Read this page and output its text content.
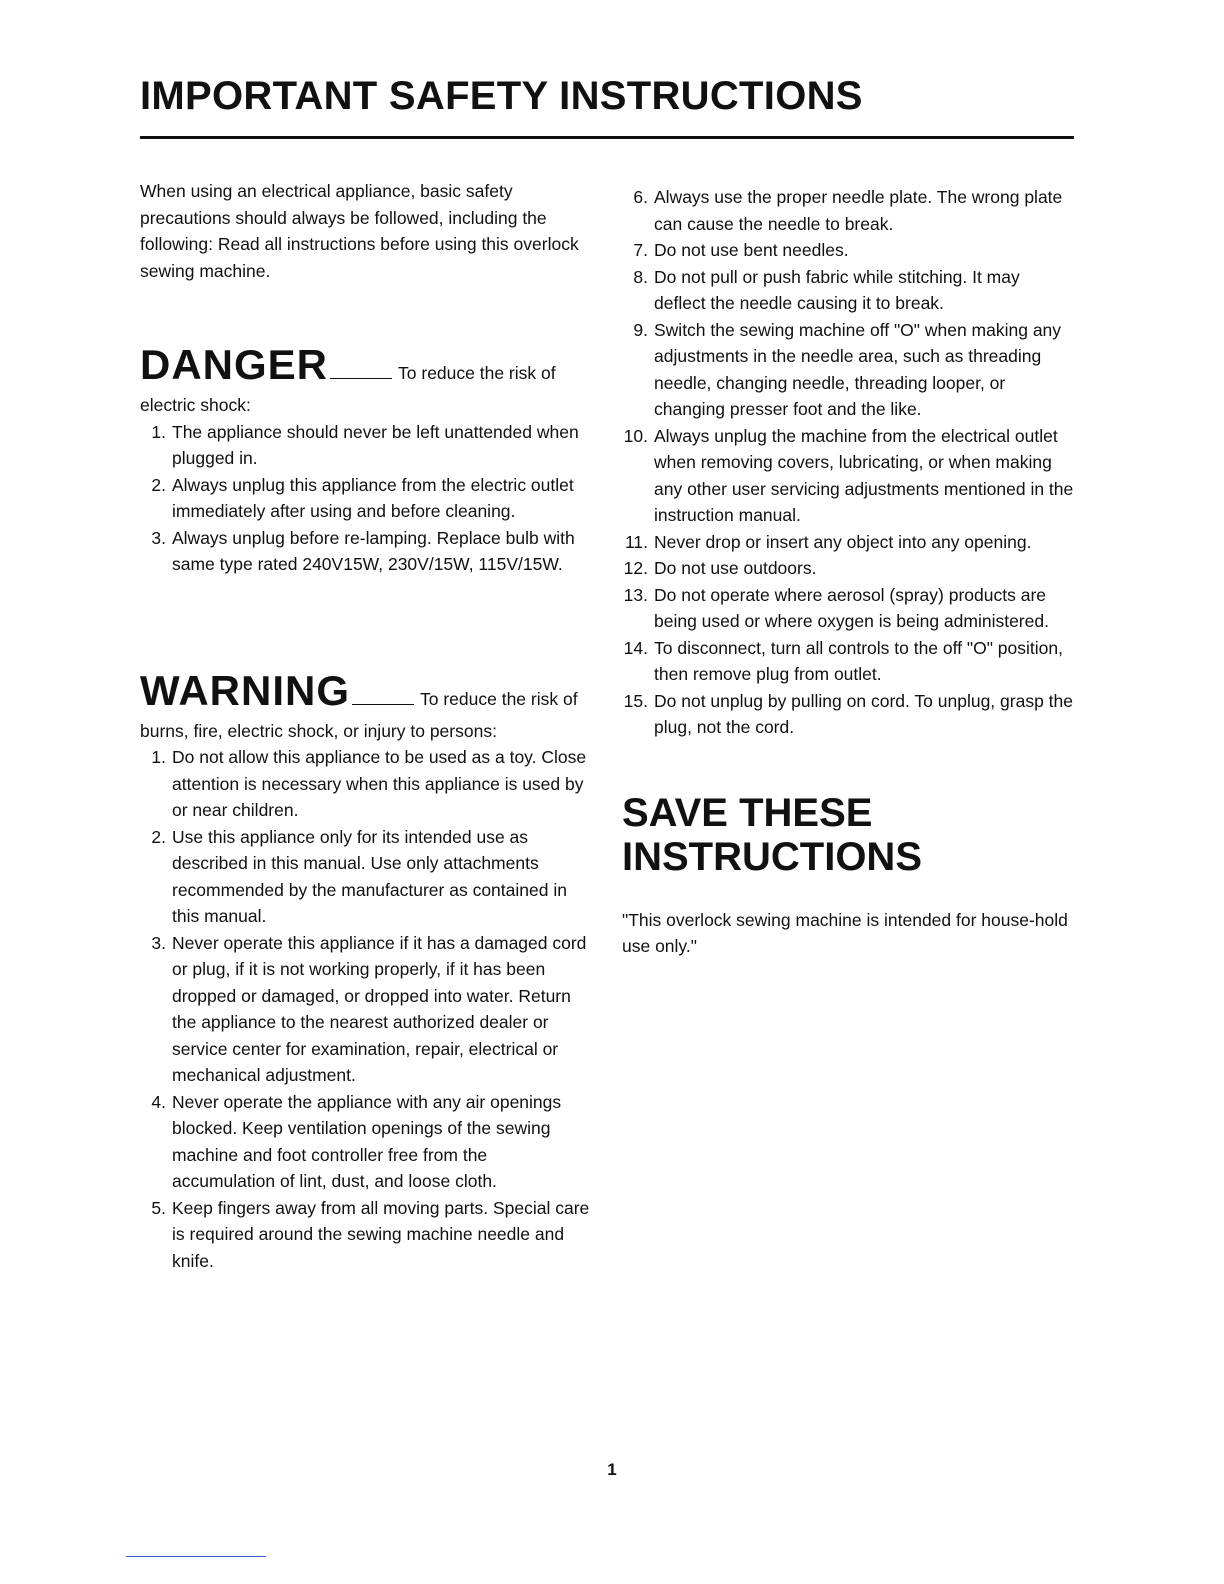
IMPORTANT SAFETY INSTRUCTIONS

When using an electrical appliance, basic safety precautions should always be followed, including the following: Read all instructions before using this overlock sewing machine.

DANGER	To reduce the risk of

electric shock:

1. The appliance should never be left unattended when plugged in.
2. Always unplug this appliance from the electric outlet immediately after using and before cleaning.
3. Always unplug before re-lamping. Replace bulb with same type rated 240V15W, 230V/15W, 115V/15W.
WARNING	To reduce the risk of

burns, fire, electric shock, or injury to persons:

1. Do not allow this appliance to be used as a toy. Close attention is necessary when this appliance is used by or near children.
2. Use this appliance only for its intended use as described in this manual. Use only attachments recommended by the manufacturer as contained in this manual.
3. Never operate this appliance if it has a damaged cord or plug, if it is not working properly, if it has been dropped or damaged, or dropped into water. Return the appliance to the nearest authorized dealer or service center for examination, repair, electrical or mechanical adjustment.
4. Never operate the appliance with any air openings blocked. Keep ventilation openings of the sewing machine and foot controller free from the accumulation of lint, dust, and loose cloth.
5. Keep fingers away from all moving parts. Special care is required around the sewing machine needle and knife.
6. Always use the proper needle plate. The wrong plate can cause the needle to break.
7. Do not use bent needles.
8. Do not pull or push fabric while stitching. It may deflect the needle causing it to break.
9. Switch the sewing machine off "O" when making any adjustments in the needle area, such as threading needle, changing needle, threading looper, or changing presser foot and the like.
10. Always unplug the machine from the electrical outlet when removing covers, lubricating, or when making any other user servicing adjustments mentioned in the instruction manual.
11. Never drop or insert any object into any opening.
12. Do not use outdoors.
13. Do not operate where aerosol (spray) products are being used or where oxygen is being administered.
14. To disconnect, turn all controls to the off "O" position, then remove plug from outlet.
15. Do not unplug by pulling on cord. To unplug, grasp the plug, not the cord.
SAVE THESE
INSTRUCTIONS

"This overlock sewing machine is intended for house-hold use only."

1
